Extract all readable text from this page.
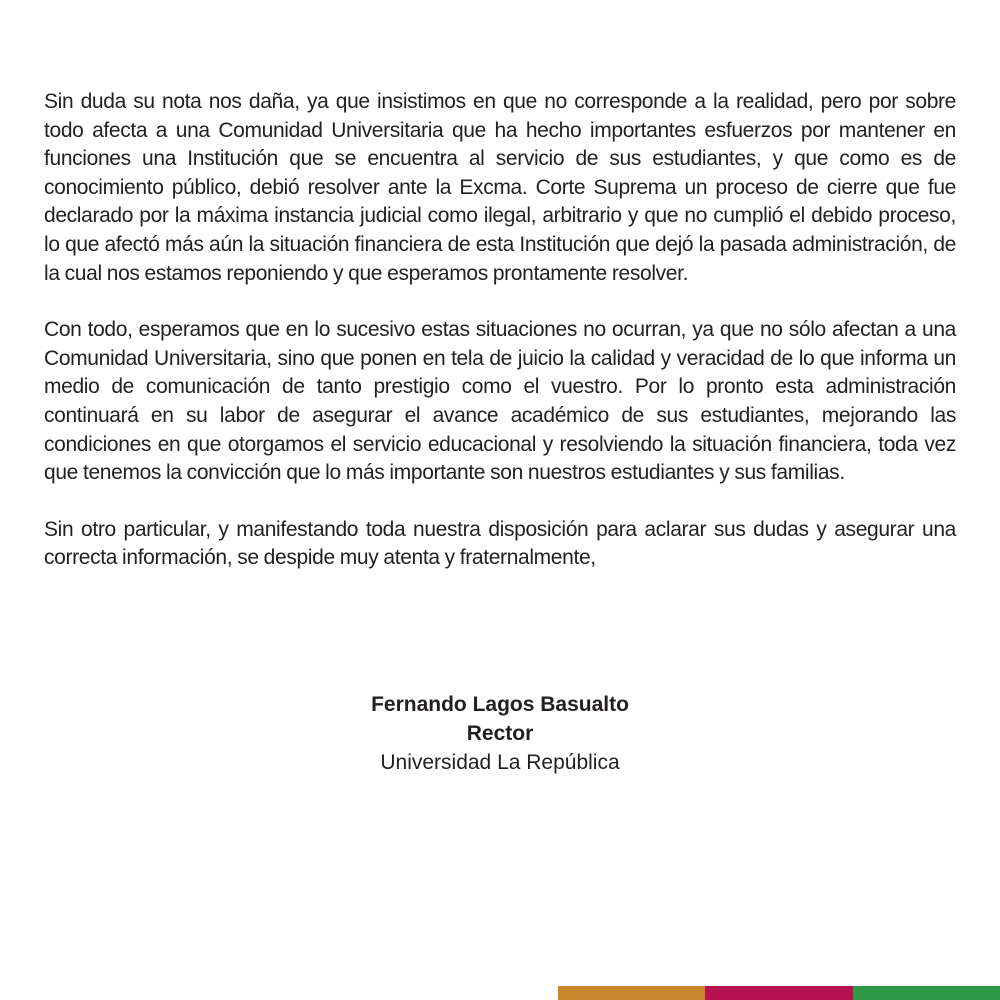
Sin duda su nota nos daña, ya que insistimos en que no corresponde a la realidad, pero por sobre todo afecta a una Comunidad Universitaria que ha hecho importantes esfuerzos por mantener en funciones una Institución que se encuentra al servicio de sus estudiantes, y que como es de conocimiento público, debió resolver ante la Excma. Corte Suprema un proceso de cierre que fue declarado por la máxima instancia judicial como ilegal, arbitrario y que no cumplió el debido proceso, lo que afectó más aún la situación financiera de esta Institución que dejó la pasada administración, de la cual nos estamos reponiendo y que esperamos prontamente resolver.

Con todo, esperamos que en lo sucesivo estas situaciones no ocurran, ya que no sólo afectan a una Comunidad Universitaria, sino que ponen en tela de juicio la calidad y veracidad de lo que informa un medio de comunicación de tanto prestigio como el vuestro. Por lo pronto esta administración continuará en su labor de asegurar el avance académico de sus estudiantes, mejorando las condiciones en que otorgamos el servicio educacional y resolviendo la situación financiera, toda vez que tenemos la convicción que lo más importante son nuestros estudiantes y sus familias.

Sin otro particular, y manifestando toda nuestra disposición para aclarar sus dudas y asegurar una correcta información, se despide muy atenta y fraternalmente,

Fernando Lagos Basualto
Rector
Universidad La República
